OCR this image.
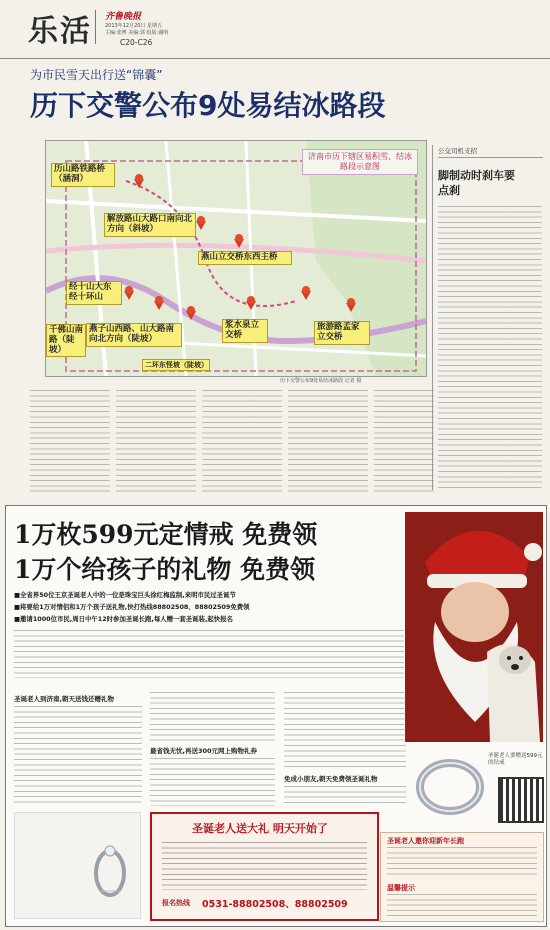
乐活 齐鲁晚报
2013年12月20日 星期五
主编:张博 美编:郭 组版:谢明
C20-C26
为市民雪天出行送“锦囊”
历下交警公布9处易结冰路段
济南市历下辖区易积雪、结冰路段示意图
历山路铁路桥（涵洞）
解放路山大路口南向北方向（斜坡）
燕山立交桥东西主桥
经十山大东经十环山
千佛山南路（陡坡）
燕子山西路、山大路南向北方向（陡坡）
二环东怪坡（陡坡）
浆水泉立交桥
旅游路孟家立交桥
历下交警公布9处易结冰路段 记者 摄
公交司机支招
脚制动时刹车要点刹
1万枚599元定情戒 免费领
1万个给孩子的礼物 免费领
■全省界50位王京圣诞老人中的一位是珠宝巨头徐红梅监制,来明市民过圣诞节
■将要给1万对情侣和1万个孩子送礼物,快打热线88802508、88802509免费领
■邀请1000位市民,周日中午12时参加圣诞长跑,每人赠一套圣诞装,起快报名
圣诞老人到济南,朝天送钱还赠礼物
最省钱无忧,再送300元网上购物礼券
免成小朋友,朝天免费领圣诞礼物
圣诞老人要赠送599元的钻戒
圣诞老人送大礼 明天开始了
报名热线 0531-88802508、88802509
圣诞老人邀你迎新年长跑
温馨提示
